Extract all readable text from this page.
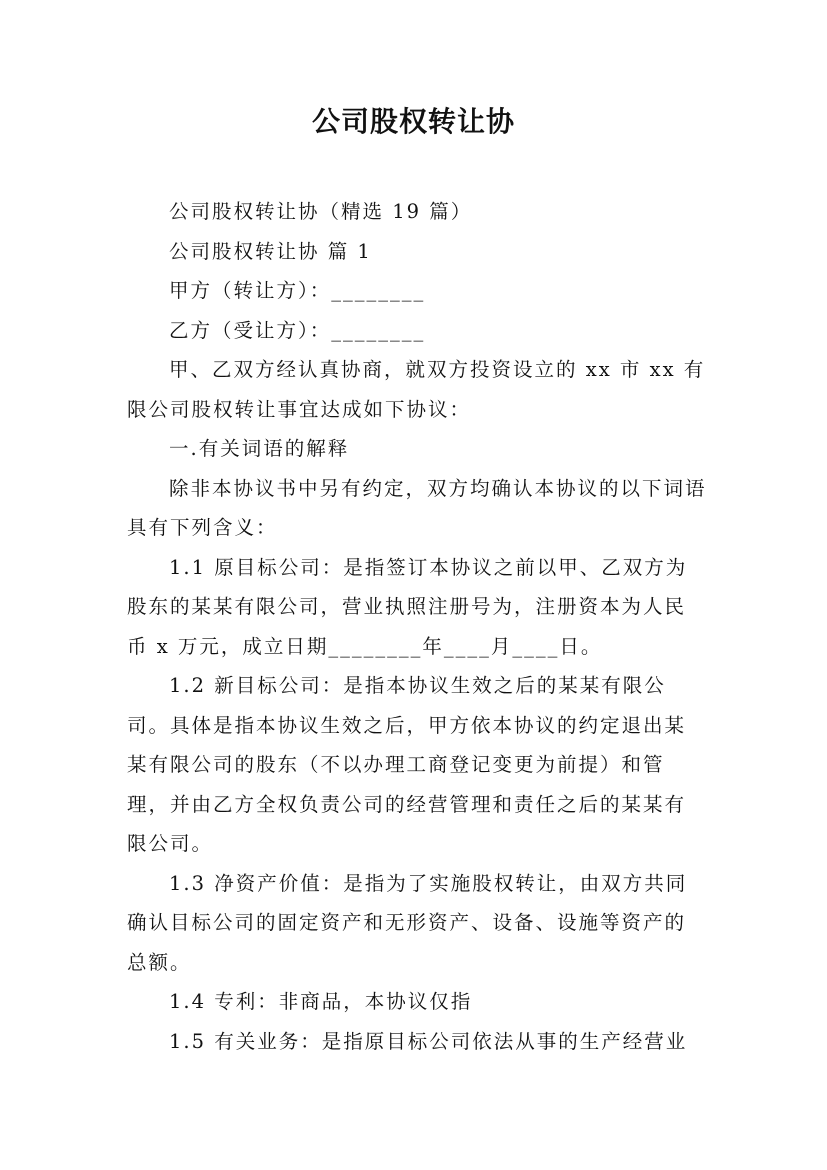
公司股权转让协

公司股权转让协（精选 19 篇）

公司股权转让协 篇 1

甲方（转让方）：________

乙方（受让方）：________

甲、乙双方经认真协商，就双方投资设立的 xx 市 xx 有限公司股权转让事宜达成如下协议：

一.有关词语的解释

除非本协议书中另有约定，双方均确认本协议的以下词语具有下列含义：

1.1 原目标公司：是指签订本协议之前以甲、乙双方为股东的某某有限公司，营业执照注册号为，注册资本为人民币 x 万元，成立日期________年____月____日。

1.2 新目标公司：是指本协议生效之后的某某有限公司。具体是指本协议生效之后，甲方依本协议的约定退出某某有限公司的股东（不以办理工商登记变更为前提）和管理，并由乙方全权负责公司的经营管理和责任之后的某某有限公司。

1.3 净资产价值：是指为了实施股权转让，由双方共同确认目标公司的固定资产和无形资产、设备、设施等资产的总额。

1.4 专利：非商品，本协议仅指

1.5 有关业务：是指原目标公司依法从事的生产经营业
